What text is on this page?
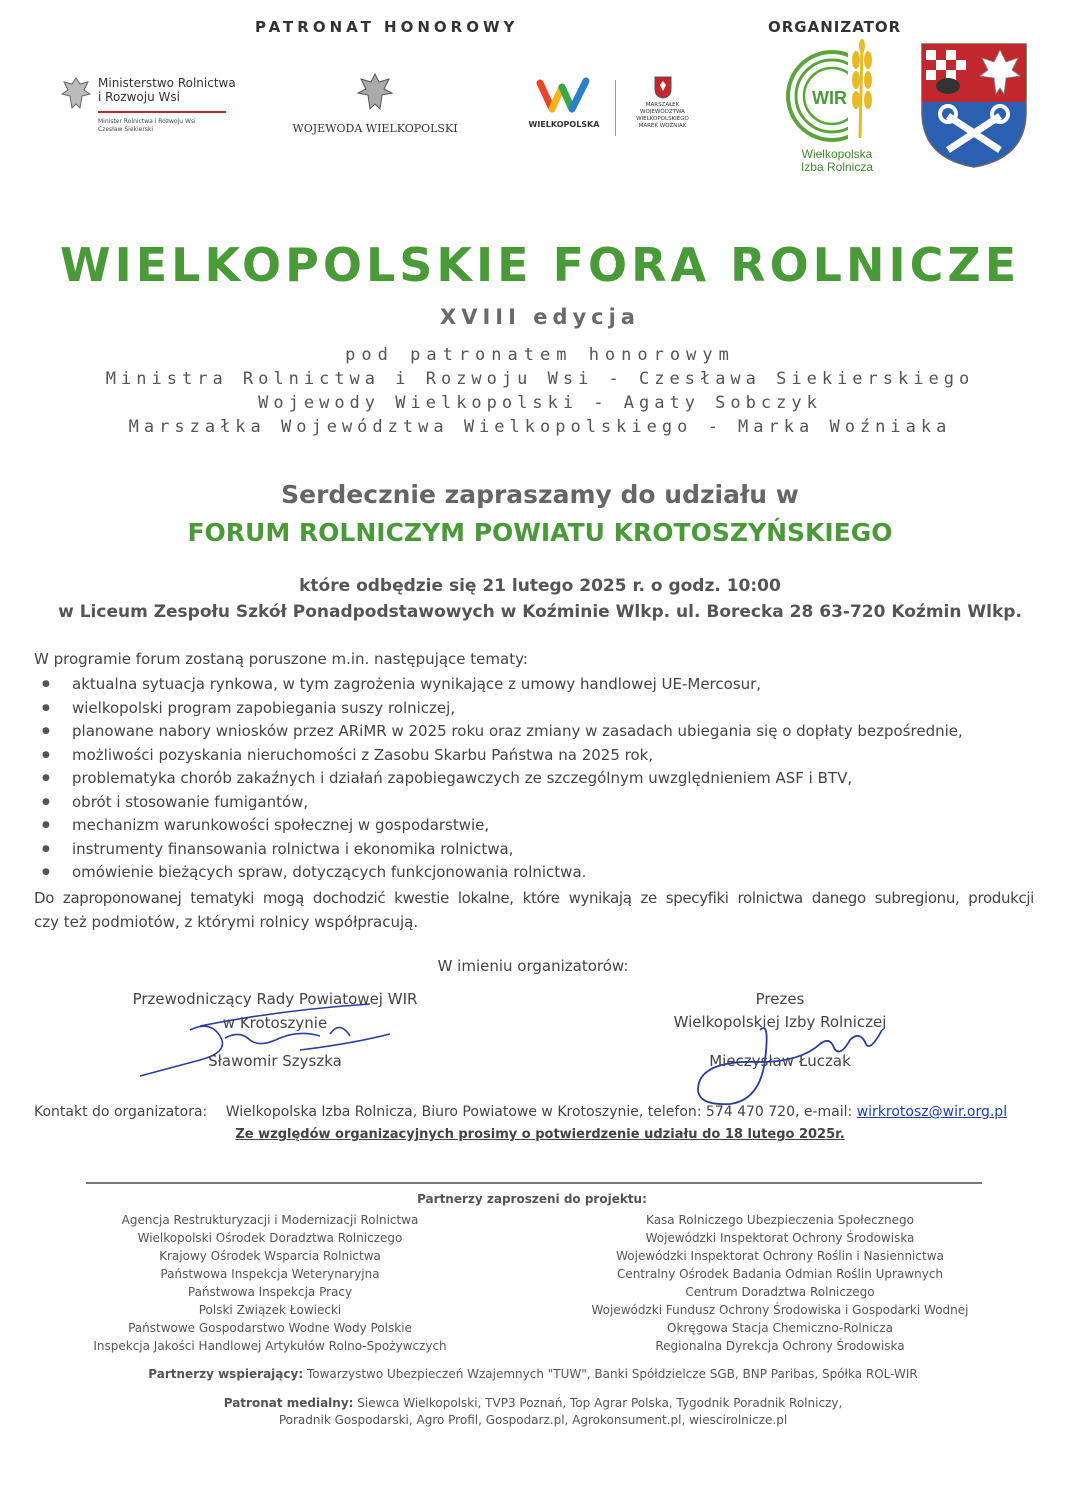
PATRONAT HONOROWY	ORGANIZATOR
Ministerstwo Rolnictwa
i Rozwoju Wsi
Minister Rolnictwa i Rozwoju Wsi
Czesław Siekierski	WOJEWODA WIELKOPOLSKI	WIELKOPOLSKA
MARSZAŁEK
WOJEWÓDZTWA
WIELKOPOLSKIEGO
MAREK WOŹNIAK
WIR
Wielkopolska
Izba Rolnicza
WIELKOPOLSKIE FORA ROLNICZE
XVIII edycja
pod patronatem honorowym
Ministra Rolnictwa i Rozwoju Wsi - Czesława Siekierskiego
Wojewody Wielkopolski - Agaty Sobczyk
Marszałka Województwa Wielkopolskiego - Marka Woźniaka
Serdecznie zapraszamy do udziału w
FORUM ROLNICZYM POWIATU KROTOSZYŃSKIEGO
które odbędzie się 21 lutego 2025 r. o godz. 10:00
w Liceum Zespołu Szkół Ponadpodstawowych w Koźminie Wlkp. ul. Borecka 28 63-720 Koźmin Wlkp.
W programie forum zostaną poruszone m.in. następujące tematy:
● aktualna sytuacja rynkowa, w tym zagrożenia wynikające z umowy handlowej UE-Mercosur,
● wielkopolski program zapobiegania suszy rolniczej,
● planowane nabory wniosków przez ARiMR w 2025 roku oraz zmiany w zasadach ubiegania się o dopłaty bezpośrednie,
● możliwości pozyskania nieruchomości z Zasobu Skarbu Państwa na 2025 rok,
● problematyka chorób zakaźnych i działań zapobiegawczych ze szczególnym uwzględnieniem ASF i BTV,
● obrót i stosowanie fumigantów,
● mechanizm warunkowości społecznej w gospodarstwie,
● instrumenty finansowania rolnictwa i ekonomika rolnictwa,
● omówienie bieżących spraw, dotyczących funkcjonowania rolnictwa.
Do zaproponowanej tematyki mogą dochodzić kwestie lokalne, które wynikają ze specyfiki rolnictwa danego subregionu, produkcji
czy też podmiotów, z którymi rolnicy współpracują.
W imieniu organizatorów:
Przewodniczący Rady Powiatowej WIR
w Krotoszynie
Sławomir Szyszka
Prezes
Wielkopolskiej Izby Rolniczej
Mieczysław Łuczak
Kontakt do organizatora: Wielkopolska Izba Rolnicza, Biuro Powiatowe w Krotoszynie, telefon: 574 470 720, e-mail: wirkrotosz@wir.org.pl
Ze względów organizacyjnych prosimy o potwierdzenie udziału do 18 lutego 2025r.
Partnerzy zaproszeni do projektu:
Agencja Restrukturyzacji i Modernizacji Rolnictwa
Wielkopolski Ośrodek Doradztwa Rolniczego
Krajowy Ośrodek Wsparcia Rolnictwa
Państwowa Inspekcja Weterynaryjna
Państwowa Inspekcja Pracy
Polski Związek Łowiecki
Państwowe Gospodarstwo Wodne Wody Polskie
Inspekcja Jakości Handlowej Artykułów Rolno-Spożywczych
Kasa Rolniczego Ubezpieczenia Społecznego
Wojewódzki Inspektorat Ochrony Środowiska
Wojewódzki Inspektorat Ochrony Roślin i Nasiennictwa
Centralny Ośrodek Badania Odmian Roślin Uprawnych
Centrum Doradztwa Rolniczego
Wojewódzki Fundusz Ochrony Środowiska i Gospodarki Wodnej
Okręgowa Stacja Chemiczno-Rolnicza
Regionalna Dyrekcja Ochrony Środowiska
Partnerzy wspierający: Towarzystwo Ubezpieczeń Wzajemnych "TUW", Banki Spółdzielcze SGB, BNP Paribas, Spółka ROL-WIR
Patronat medialny: Siewca Wielkopolski, TVP3 Poznań, Top Agrar Polska, Tygodnik Poradnik Rolniczy,
Poradnik Gospodarski, Agro Profil, Gospodarz.pl, Agrokonsument.pl, wiescirolnicze.pl
